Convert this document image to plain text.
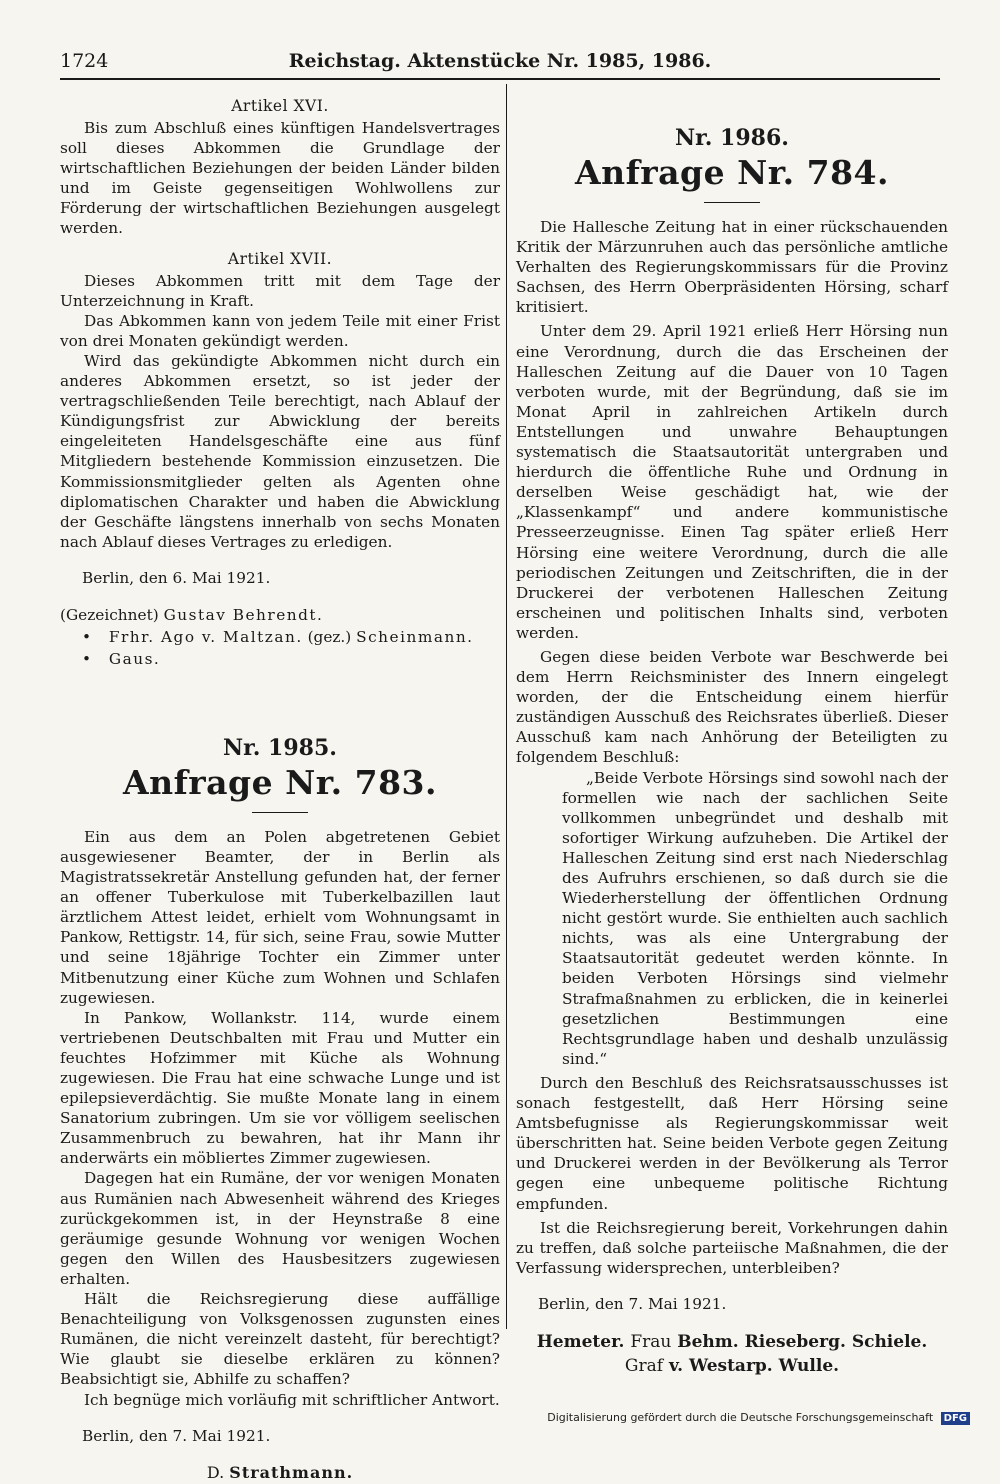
1724	Reichstag. Aktenstücke Nr. 1985, 1986.
Artikel XVI.

Bis zum Abschluß eines künftigen Handelsvertrages soll dieses Abkommen die Grundlage der wirtschaftlichen Beziehungen der beiden Länder bilden und im Geiste gegenseitigen Wohlwollens zur Förderung der wirtschaftlichen Beziehungen ausgelegt werden.

Artikel XVII.

Dieses Abkommen tritt mit dem Tage der Unterzeichnung in Kraft.

Das Abkommen kann von jedem Teile mit einer Frist von drei Monaten gekündigt werden.

Wird das gekündigte Abkommen nicht durch ein anderes Abkommen ersetzt, so ist jeder der vertragschließenden Teile berechtigt, nach Ablauf der Kündigungsfrist zur Abwicklung der bereits eingeleiteten Handelsgeschäfte eine aus fünf Mitgliedern bestehende Kommission einzusetzen. Die Kommissionsmitglieder gelten als Agenten ohne diplomatischen Charakter und haben die Abwicklung der Geschäfte längstens innerhalb von sechs Monaten nach Ablauf dieses Vertrages zu erledigen.

Berlin, den 6. Mai 1921.
(Gezeichnet) Gustav Behrendt.
• Frhr. Ago v. Maltzan. (gez.) Scheinmann.
• Gaus.
Nr. 1985.
Anfrage Nr. 783.

Ein aus dem an Polen abgetretenen Gebiet ausgewiesener Beamter, der in Berlin als Magistratssekretär Anstellung gefunden hat, der ferner an offener Tuberkulose mit Tuberkelbazillen laut ärztlichem Attest leidet, erhielt vom Wohnungsamt in Pankow, Rettigstr. 14, für sich, seine Frau, sowie Mutter und seine 18jährige Tochter ein Zimmer unter Mitbenutzung einer Küche zum Wohnen und Schlafen zugewiesen.

In Pankow, Wollankstr. 114, wurde einem vertriebenen Deutschbalten mit Frau und Mutter ein feuchtes Hofzimmer mit Küche als Wohnung zugewiesen. Die Frau hat eine schwache Lunge und ist epilepsieverdächtig. Sie mußte Monate lang in einem Sanatorium zubringen. Um sie vor völligem seelischen Zusammenbruch zu bewahren, hat ihr Mann ihr anderwärts ein möbliertes Zimmer zugewiesen.

Dagegen hat ein Rumäne, der vor wenigen Monaten aus Rumänien nach Abwesenheit während des Krieges zurückgekommen ist, in der Heynstraße 8 eine geräumige gesunde Wohnung vor wenigen Wochen gegen den Willen des Hausbesitzers zugewiesen erhalten.

Hält die Reichsregierung diese auffällige Benachteiligung von Volksgenossen zugunsten eines Rumänen, die nicht vereinzelt dasteht, für berechtigt? Wie glaubt sie dieselbe erklären zu können? Beabsichtigt sie, Abhilfe zu schaffen?

Ich begnüge mich vorläufig mit schriftlicher Antwort.

Berlin, den 7. Mai 1921.
D. Strathmann.
Nr. 1986.
Anfrage Nr. 784.

Die Hallesche Zeitung hat in einer rückschauenden Kritik der Märzunruhen auch das persönliche amtliche Verhalten des Regierungskommissars für die Provinz Sachsen, des Herrn Oberpräsidenten Hörsing, scharf kritisiert.

Unter dem 29. April 1921 erließ Herr Hörsing nun eine Verordnung, durch die das Erscheinen der Halleschen Zeitung auf die Dauer von 10 Tagen verboten wurde, mit der Begründung, daß sie im Monat April in zahlreichen Artikeln durch Entstellungen und unwahre Behauptungen systematisch die Staatsautorität untergraben und hierdurch die öffentliche Ruhe und Ordnung in derselben Weise geschädigt hat, wie der „Klassenkampf“ und andere kommunistische Presseerzeugnisse. Einen Tag später erließ Herr Hörsing eine weitere Verordnung, durch die alle periodischen Zeitungen und Zeitschriften, die in der Druckerei der verbotenen Halleschen Zeitung erscheinen und politischen Inhalts sind, verboten werden.

Gegen diese beiden Verbote war Beschwerde bei dem Herrn Reichsminister des Innern eingelegt worden, der die Entscheidung einem hierfür zuständigen Ausschuß des Reichsrates überließ. Dieser Ausschuß kam nach Anhörung der Beteiligten zu folgendem Beschluß:

„Beide Verbote Hörsings sind sowohl nach der formellen wie nach der sachlichen Seite vollkommen unbegründet und deshalb mit sofortiger Wirkung aufzuheben. Die Artikel der Halleschen Zeitung sind erst nach Niederschlag des Aufruhrs erschienen, so daß durch sie die Wiederherstellung der öffentlichen Ordnung nicht gestört wurde. Sie enthielten auch sachlich nichts, was als eine Untergrabung der Staatsautorität gedeutet werden könnte. In beiden Verboten Hörsings sind vielmehr Strafmaßnahmen zu erblicken, die in keinerlei gesetzlichen Bestimmungen eine Rechtsgrundlage haben und deshalb unzulässig sind.“

Durch den Beschluß des Reichsratsausschusses ist sonach festgestellt, daß Herr Hörsing seine Amtsbefugnisse als Regierungskommissar weit überschritten hat. Seine beiden Verbote gegen Zeitung und Druckerei werden in der Bevölkerung als Terror gegen eine unbequeme politische Richtung empfunden.

Ist die Reichsregierung bereit, Vorkehrungen dahin zu treffen, daß solche parteiische Maßnahmen, die der Verfassung widersprechen, unterbleiben?

Berlin, den 7. Mai 1921.
Hemeter. Frau Behm. Rieseberg. Schiele.
Graf v. Westarp. Wulle.
Digitalisierung gefördert durch die Deutsche Forschungsgemeinschaft DFG
